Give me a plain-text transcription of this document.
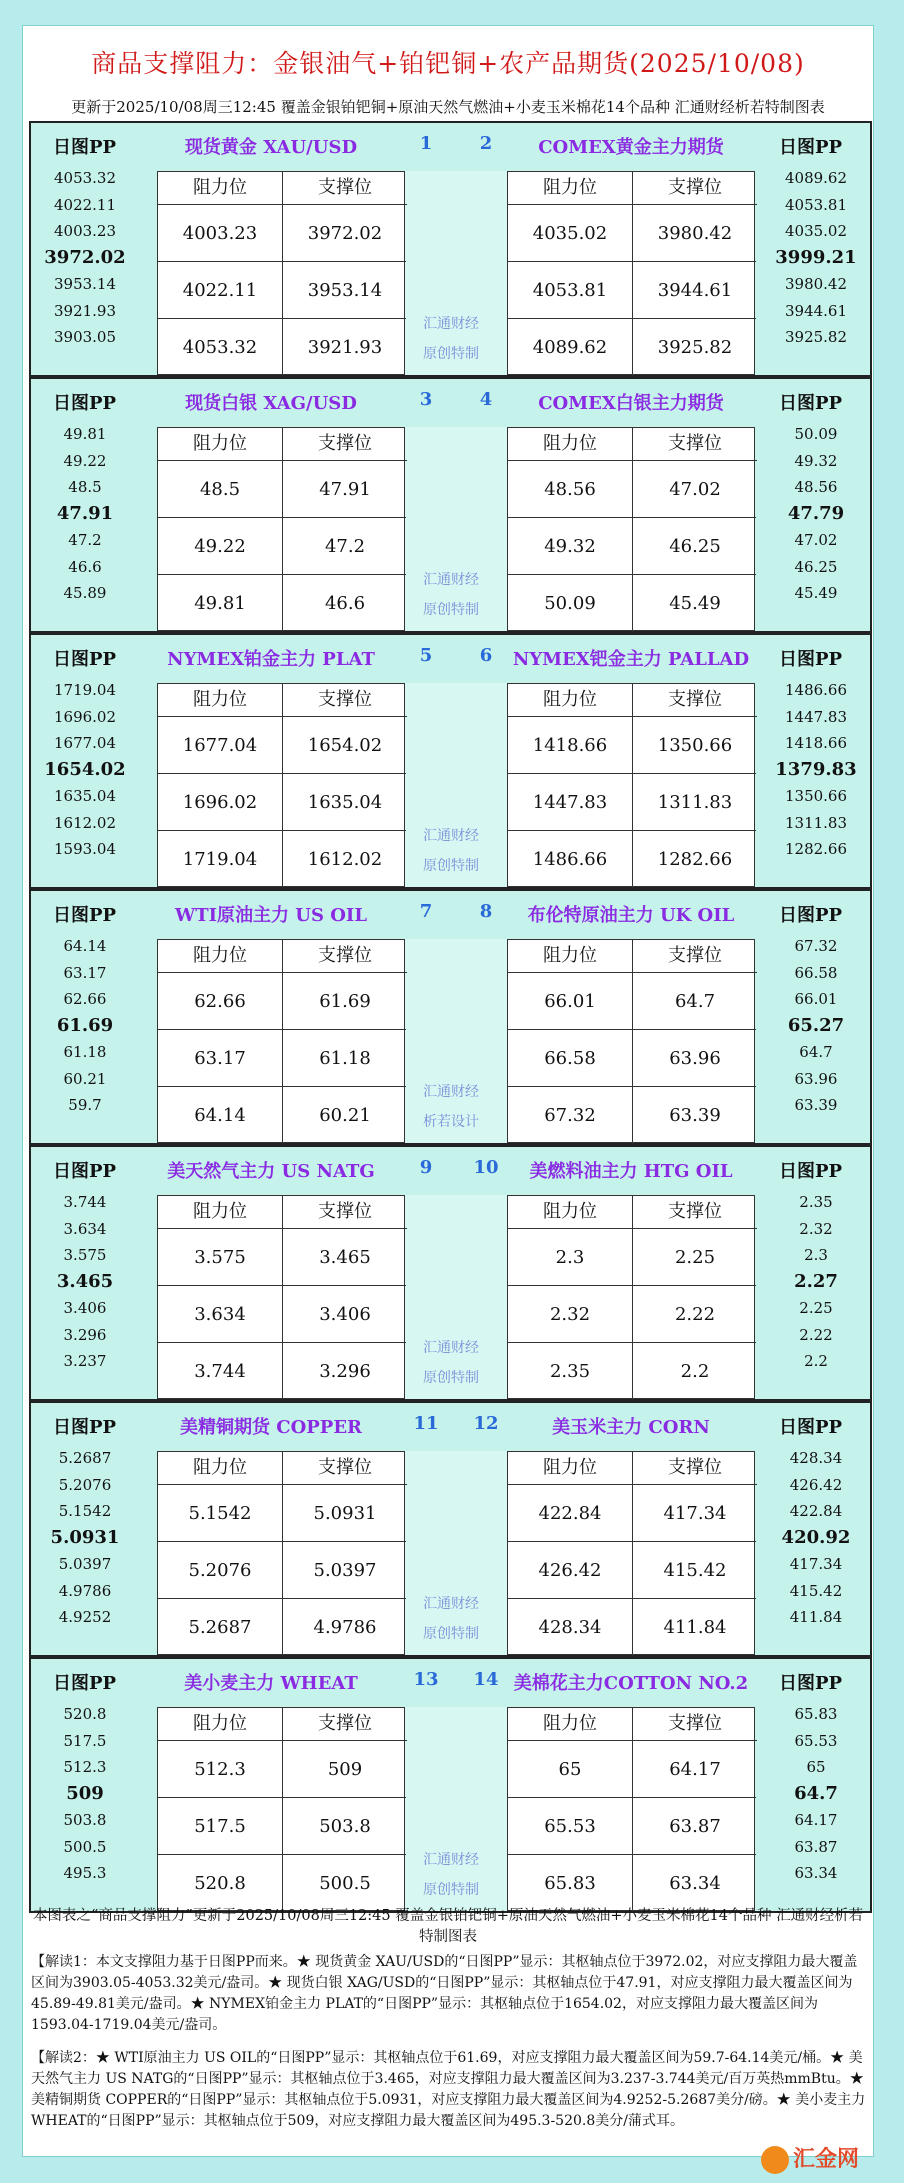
商品支撑阻力：金银油气+铂钯铜+农产品期货(2025/10/08)
更新于2025/10/08周三12:45 覆盖金银铂钯铜+原油天然气燃油+小麦玉米棉花14个品种 汇通财经析若特制图表
日图PP	现货黄金 XAU/USD	1	2	COMEX黄金主力期货	日图PP
4053.32
4022.11
4003.23
3972.02
3953.14
3921.93
3903.05
4089.62
4053.81
4035.02
3999.21
3980.42
3944.61
3925.82
汇通财经
原创特制
阻力位	支撑位
4003.23	3972.02
4022.11	3953.14
4053.32	3921.93
阻力位	支撑位
4035.02	3980.42
4053.81	3944.61
4089.62	3925.82
日图PP	现货白银 XAG/USD	3	4	COMEX白银主力期货	日图PP
49.81
49.22
48.5
47.91
47.2
46.6
45.89
50.09
49.32
48.56
47.79
47.02
46.25
45.49
汇通财经
原创特制
阻力位	支撑位
48.5	47.91
49.22	47.2
49.81	46.6
阻力位	支撑位
48.56	47.02
49.32	46.25
50.09	45.49
日图PP	NYMEX铂金主力 PLAT	5	6	NYMEX钯金主力 PALLAD 日图PP
1719.04
1696.02
1677.04
1654.02
1635.04
1612.02
1593.04
1486.66
1447.83
1418.66
1379.83
1350.66
1311.83
1282.66
汇通财经
原创特制
阻力位	支撑位
1677.04	1654.02
1696.02	1635.04
1719.04	1612.02
阻力位	支撑位
1418.66	1350.66
1447.83	1311.83
1486.66	1282.66
日图PP	WTI原油主力 US OIL	7	8	布伦特原油主力 UK OIL	日图PP
64.14
63.17
62.66
61.69
61.18
60.21
59.7
67.32
66.58
66.01
65.27
64.7
63.96
63.39
汇通财经
析若设计
阻力位	支撑位
62.66	61.69
63.17	61.18
64.14	60.21
阻力位	支撑位
66.01	64.7
66.58	63.96
67.32	63.39
日图PP	美天然气主力 US NATG	9	10	美燃料油主力 HTG OIL	日图PP
3.744
3.634
3.575
3.465
3.406
3.296
3.237
2.35
2.32
2.3
2.27
2.25
2.22
2.2
汇通财经
原创特制
阻力位	支撑位
3.575	3.465
3.634	3.406
3.744	3.296
阻力位	支撑位
2.3	2.25
2.32	2.22
2.35	2.2
日图PP	美精铜期货 COPPER	11 12	美玉米主力 CORN	日图PP
5.2687
5.2076
5.1542
5.0931
5.0397
4.9786
4.9252
428.34
426.42
422.84
420.92
417.34
415.42
411.84
汇通财经
原创特制
阻力位	支撑位
5.1542	5.0931
5.2076	5.0397
5.2687	4.9786
阻力位	支撑位
422.84	417.34
426.42	415.42
428.34	411.84
日图PP	美小麦主力 WHEAT	13 14 美棉花主力COTTON NO.2 日图PP
520.8
517.5
512.3
509
503.8
500.5
495.3
65.83
65.53
65
64.7
64.17
63.87
63.34
汇通财经
原创特制
阻力位	支撑位
512.3	509
517.5	503.8
520.8	500.5
阻力位	支撑位
65	64.17
65.53	63.87
65.83	63.34
本图表之“商品支撑阻力”更新于2025/10/08周三12:45 覆盖金银铂钯铜+原油天然气燃油+小麦玉米棉花14个品种 汇通财经析若特制图表
【解读1：本文支撑阻力基于日图PP而来。★ 现货黄金 XAU/USD的“日图PP”显示：其枢轴点位于3972.02，对应支撑阻力最大覆盖区间为3903.05-4053.32美元/盎司。★ 现货白银 XAG/USD的“日图PP”显示：其枢轴点位于47.91，对应支撑阻力最大覆盖区间为45.89-49.81美元/盎司。★ NYMEX铂金主力 PLAT的“日图PP”显示：其枢轴点位于1654.02，对应支撑阻力最大覆盖区间为1593.04-1719.04美元/盎司。
【解读2：★ WTI原油主力 US OIL的“日图PP”显示：其枢轴点位于61.69，对应支撑阻力最大覆盖区间为59.7-64.14美元/桶。★ 美天然气主力 US NATG的“日图PP”显示：其枢轴点位于3.465，对应支撑阻力最大覆盖区间为3.237-3.744美元/百万英热mmBtu。★ 美精铜期货 COPPER的“日图PP”显示：其枢轴点位于5.0931，对应支撑阻力最大覆盖区间为4.9252-5.2687美分/磅。★ 美小麦主力 WHEAT的“日图PP”显示：其枢轴点位于509，对应支撑阻力最大覆盖区间为495.3-520.8美分/蒲式耳。
汇金网
